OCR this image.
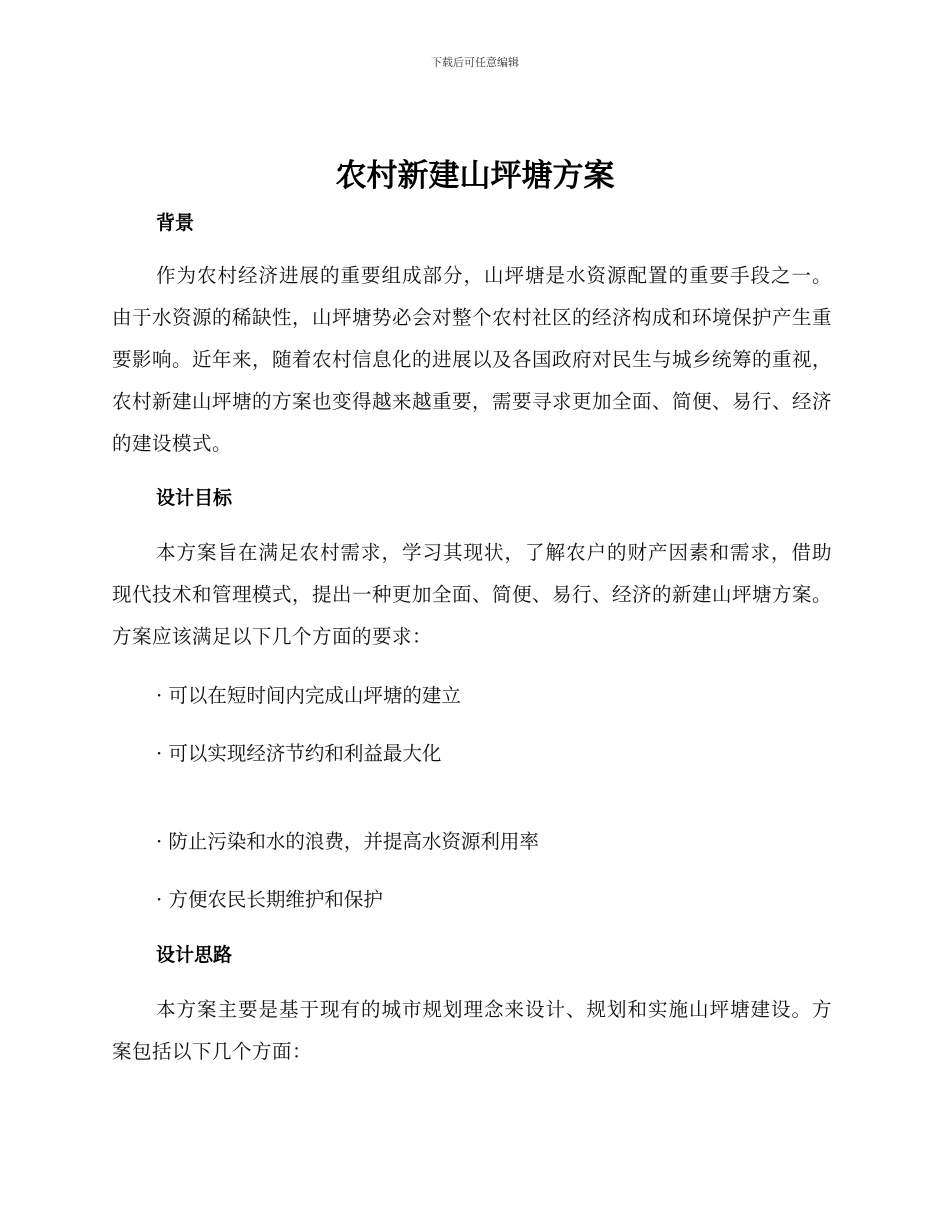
下载后可任意编辑
农村新建山坪塘方案
背景

作为农村经济进展的重要组成部分，山坪塘是水资源配置的重要手段之一。由于水资源的稀缺性，山坪塘势必会对整个农村社区的经济构成和环境保护产生重要影响。近年来，随着农村信息化的进展以及各国政府对民生与城乡统筹的重视，农村新建山坪塘的方案也变得越来越重要，需要寻求更加全面、简便、易行、经济的建设模式。

设计目标

本方案旨在满足农村需求，学习其现状，了解农户的财产因素和需求，借助现代技术和管理模式，提出一种更加全面、简便、易行、经济的新建山坪塘方案。方案应该满足以下几个方面的要求：

· 可以在短时间内完成山坪塘的建立

· 可以实现经济节约和利益最大化

· 防止污染和水的浪费，并提高水资源利用率

· 方便农民长期维护和保护

设计思路

本方案主要是基于现有的城市规划理念来设计、规划和实施山坪塘建设。方案包括以下几个方面：
